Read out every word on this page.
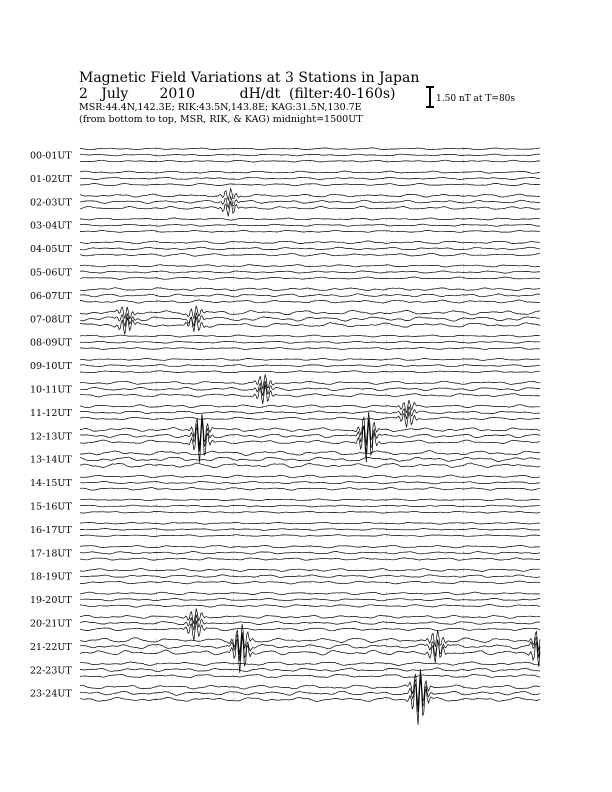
Magnetic Field Variations at 3 Stations in Japan
2 July 2010	dH/dt (filter:40-160s)
MSR:44.4N,142.3E; RIK:43.5N,143.8E; KAG:31.5N,130.7E
(from bottom to top, MSR, RIK, & KAG) midnight=1500UT
1.50 nT at T=80s
00-01UT
01-02UT
02-03UT
03-04UT
04-05UT
05-06UT
06-07UT
07-08UT
08-09UT
09-10UT
10-11UT
11-12UT
12-13UT
13-14UT
14-15UT
15-16UT
16-17UT
17-18UT
18-19UT
19-20UT
20-21UT
21-22UT
22-23UT
23-24UT
